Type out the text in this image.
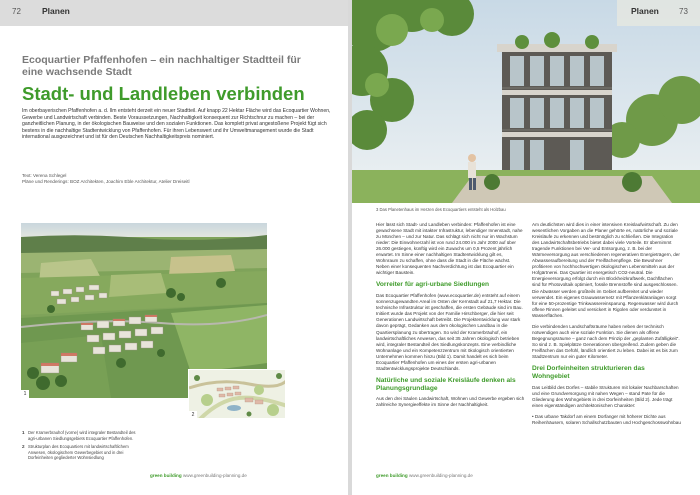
72 Planen
Ecoquartier Pfaffenhofen – ein nachhaltiger Stadtteil für eine wachsende Stadt
Stadt- und Landleben verbinden
Im oberbayerischen Pfaffenhofen a. d. Ilm entsteht derzeit ein neuer Stadtteil. Auf knapp 22 Hektar Fläche wird das Ecoquartier Wohnen, Gewerbe und Landwirtschaft verbinden. Beste Voraussetzungen, Nachhaltigkeit konsequent zur Richtschnur zu machen – bei der ganzheitlichen Planung, in der ökologischen Bauweise und den sozialen Funktionen. Das komplett privat angestoßene Projekt fügt sich bestens in die nachhaltige Stadtentwicklung von Pfaffenhofen. Für ihren Lebenswert und ihr Umweltmanagement wurde die Stadt international ausgezeichnet und ist für den Deutschen Nachhaltigkeitspreis nominiert.
Text: Verena Schlegel
Pläne und Renderings: BOZ Architekten, Joachim Eble Architektur, Atelier Dreiseitl
1
2
1 Der Kramerbrauhof (vorne) wird integraler Bestandteil des agri-urbanen Siedlungsgebiets Ecoquartier Pfaffenhofen.
2 Strukturplan des Ecoquartiers mit landwirtschaftlichem Anwesen, ökologischem Gewerbegebiet und in drei Dorfeinheiten gegliederter Wohnsiedlung
green building www.greenbuilding-planning.de
Planen	73
3 Das Planetenhaus im Herzen des Ecoquartiers entsteht als Holzbau
Hier lässt sich Stadt- und Landleben verbinden: Pfaffenhofen ist eine gewachsene Stadt mit intakter Infrastruktur, lebendiger Innenstadt, nahe zu München – und zur Natur. Das schlägt sich nicht nur im Wachstum nieder: Die Einwohnerzahl ist von rund 24.000 im Jahr 2000 auf über 26.000 gestiegen, künftig wird ein Zuwachs um 0,5 Prozent jährlich erwartet. Im Sinne einer nachhaltigen Stadtentwicklung gilt es, Wohnraum zu schaffen, ohne dass die Stadt in die Fläche wächst. Neben einer konsequenten Nachverdichtung ist das Ecoquartier ein wichtiger Baustein.
Vorreiter für agri-urbane Siedlungen
Das Ecoquartier Pfaffenhofen (www.ecoquartier.de) entsteht auf einem sonnenzugewandten Areal im Osten der Kernstadt auf 21,7 Hektar. Die technische Infrastruktur ist geschaffen, die ersten Gebäude sind im Bau. Initiiert wurde das Projekt von der Familie Hirschberger, die hier seit Generationen Landwirtschaft betreibt. Die Projektentwicklung war stark davon geprägt, Gedanken aus dem ökologischen Landbau in die Quartiersplanung zu übertragen. So wird der Kramerbräuhof, ein landwirtschaftliches Anwesen, das seit 35 Jahren ökologisch betrieben wird, integraler Bestandteil des Siedlungskonzepts. Eine verbindliche Wohnanlage und ein Kompetenzzentrum mit ökologisch orientierten Unternehmen kommen hinzu (Bild 1). Damit handelt es sich beim Ecoquartier Pfaffenhofen um eines der ersten agri-urbanen Stadtentwicklungsprojekte Deutschlands.
Natürliche und soziale Kreisläufe denken als Planungsgrundlage
Aus den drei Säulen Landwirtschaft, Wohnen und Gewerbe ergeben sich zahlreiche Synergieeffekte im Sinne der Nachhaltigkeit.
Am deutlichsten wird dies in einer intensiven Kreislaufwirtschaft. Zu den wesentlichen Vorgaben an die Planer gehörte es, natürliche und soziale Kreisläufe zu erkennen und bestmöglich zu schließen. Die Integration des Landwirtschaftsbetriebs bietet dabei viele Vorteile. Er übernimmt tragende Funktionen bei Ver- und Entsorgung, z. B. bei der Wärmeversorgung aus verschiedenen regenerativen Energieträgern, der Abwasseraufbereitung und der Freiflächenpflege. Die Bewohner profitieren von hochhochwertigen ökologischen Lebensmitteln aus der Hofgärtnerei. Das Quartier ist energetisch CO2-neutral. Die Energieversorgung erfolgt durch ein Blockheizkraftwerk, Dachflächen sind für Photovoltaik optimiert, fossile Brennstoffe sind ausgeschlossen. Die Abwässer werden großteils im Gebiet aufbereitet und wieder verwendet. Ein eigenes Grauwassernetz mit Pflanzenkläranlagen sorgt für eine 50-prozentige Trinkwassereinsparung. Regenwasser wird durch offene Rinnen geleitet und versickert in Rigolen oder verdunstet in Wasserflächen.
Die verbindenden Landschaftsräume haben neben der technisch notwendigen auch eine soziale Funktion. Sie dienen als offene Begegnungsräume – ganz nach dem Prinzip der „geplanten Zufälligkeit“. So sind z. B. Spielplätze Generationen übergreifend. Zudem geben die Freiflächen das Gefühl, ländlich orientiert zu leben. Dabei ist es bis zum Stadtzentrum nur ein guter Kilometer.
Drei Dorfeinheiten strukturieren das Wohngebiet
Das Leitbild des Dorfes – stabile Strukturen mit lokaler Nachbarschaften und eine Grundversorgung mit nahen Wegen – stand Pate für die Gliederung des Wohngebiets in drei Dorfeinheiten (Bild 2). Jede trägt einen eigenständigen architektonischen Charakter:
• Das urbane Takdorf am einem Dorfanger mit höherer Dichte aus Reihenhäusern, solaren Schallschutzbauten und Hochgeschosswohnbau
green building www.greenbuilding-planning.de
